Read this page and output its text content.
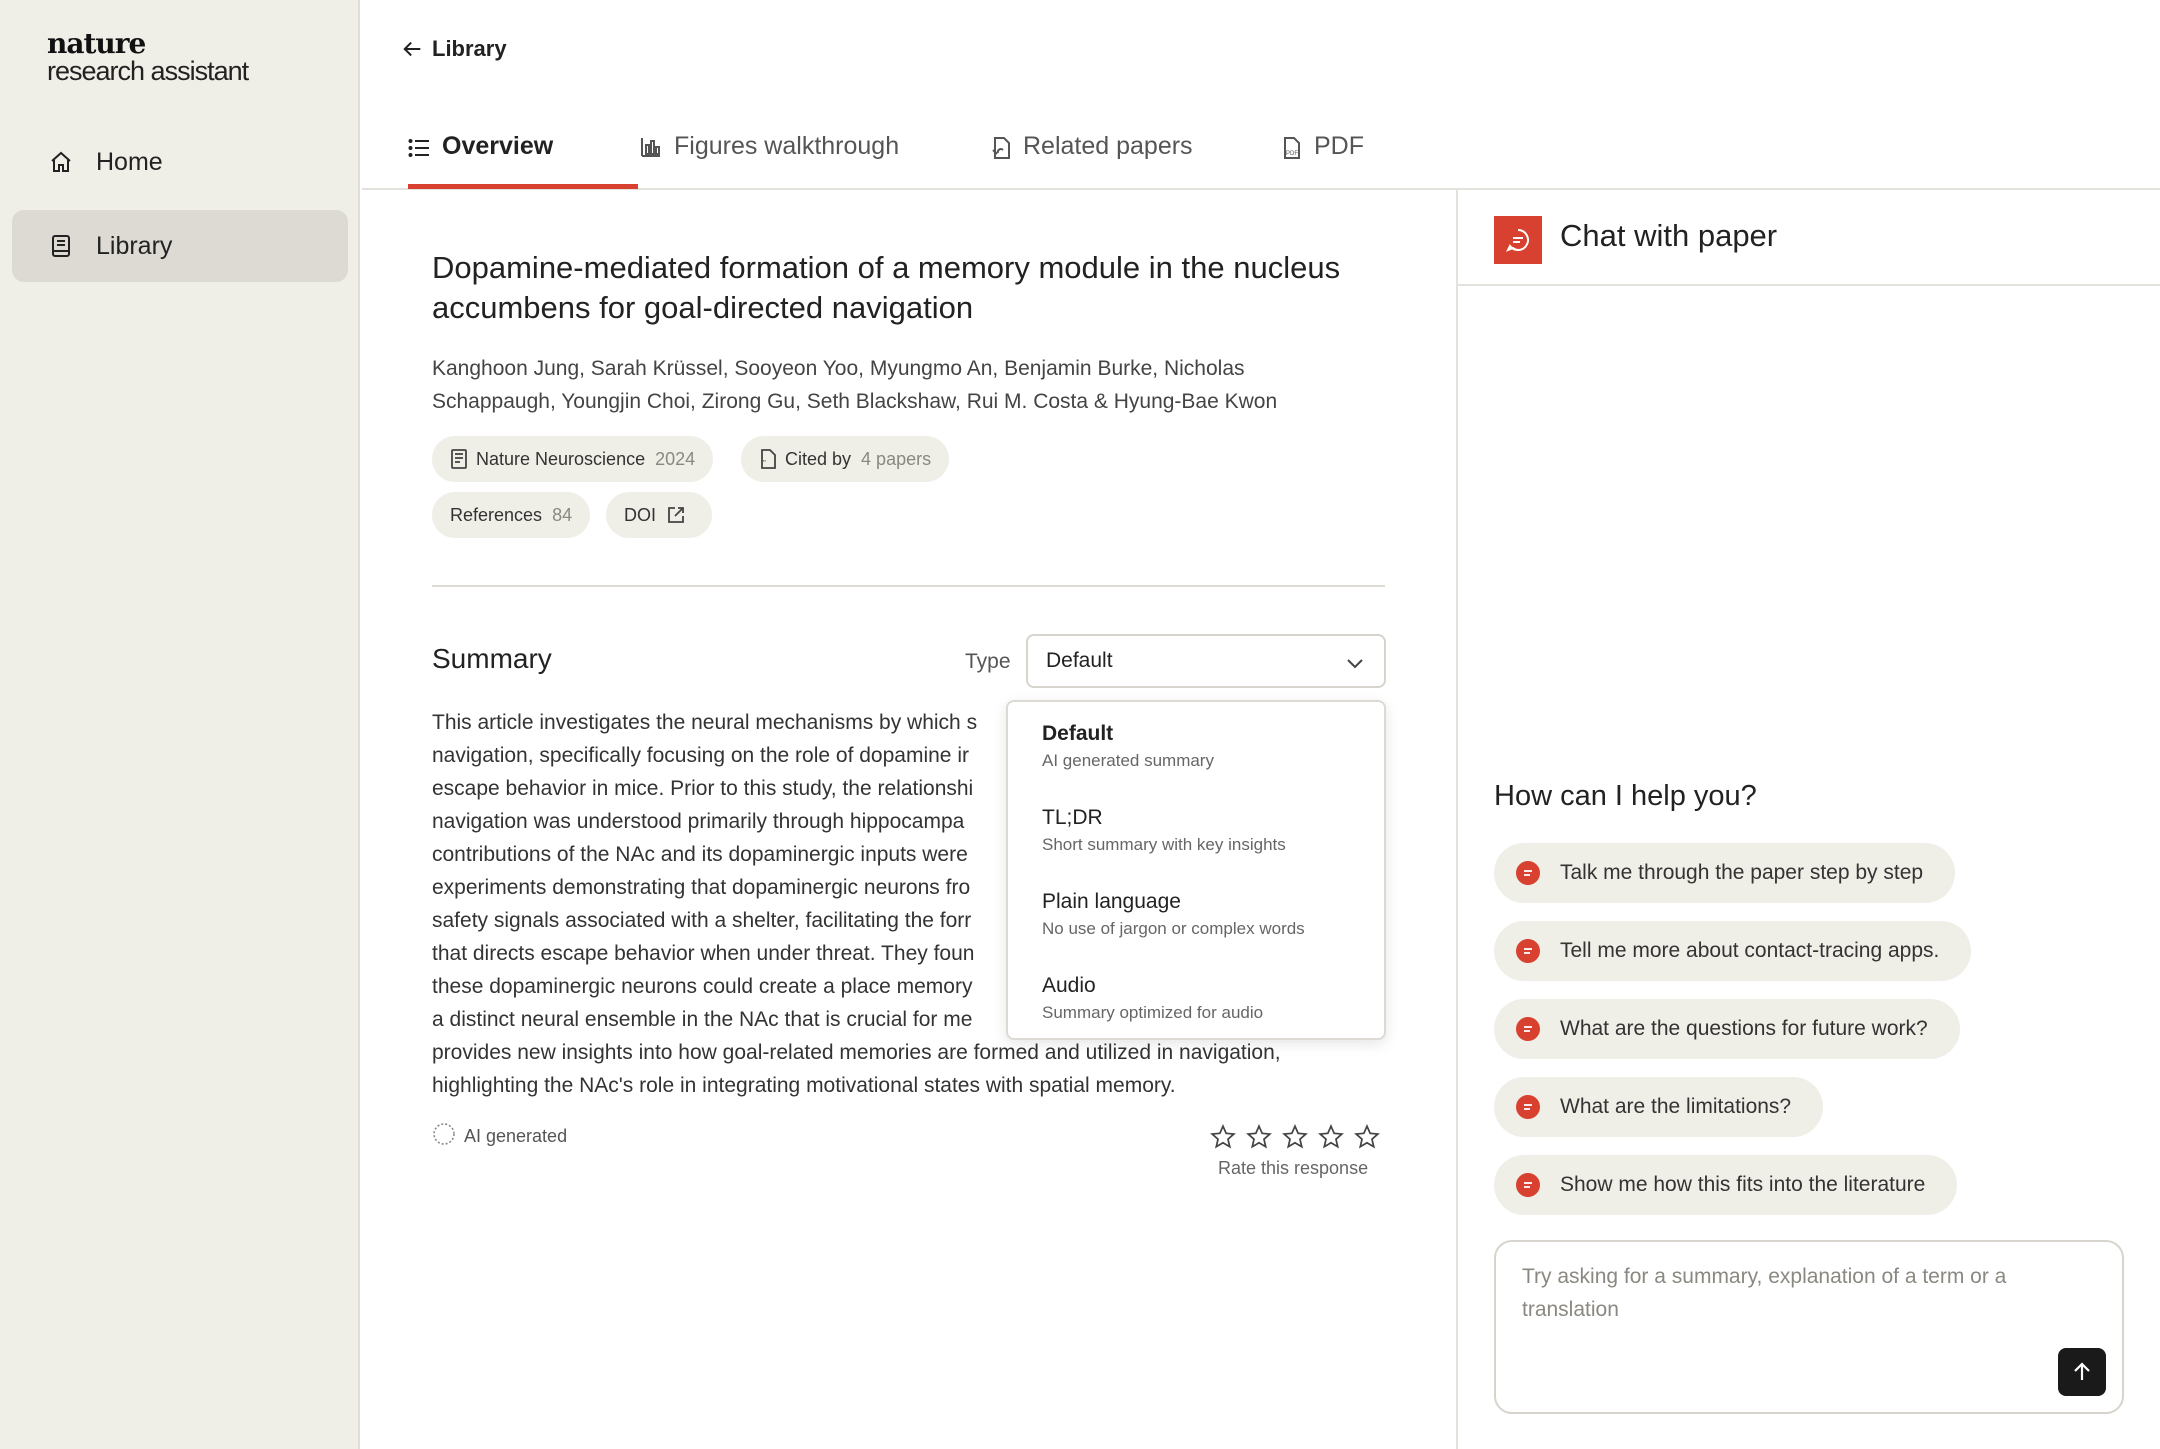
nature
research assistant
Home
Library
Library
Overview	Figures walkthrough	Related papers	PDF PDF
Dopamine-mediated formation of a memory module in the nucleus accumbens for goal-directed navigation
Kanghoon Jung, Sarah Krüssel, Sooyeon Yoo, Myungmo An, Benjamin Burke, Nicholas Schappaugh, Youngjin Choi, Zirong Gu, Seth Blackshaw, Rui M. Costa & Hyung-Bae Kwon
Nature Neuroscience 2024	" Cited by 4 papers
References 84	DOI
Summary	Type Default
This article investigates the neural mechanisms by which s
navigation, specifically focusing on the role of dopamine ir
escape behavior in mice. Prior to this study, the relationshi
navigation was understood primarily through hippocampa
contributions of the NAc and its dopaminergic inputs were
experiments demonstrating that dopaminergic neurons fro
safety signals associated with a shelter, facilitating the forr
that directs escape behavior when under threat. They foun
these dopaminergic neurons could create a place memory
a distinct neural ensemble in the NAc that is crucial for me
provides new insights into how goal-related memories are formed and utilized in navigation,
highlighting the NAc's role in integrating motivational states with spatial memory.
AI generated
Rate this response
Default
AI generated summary
TL;DR
Short summary with key insights
Plain language
No use of jargon or complex words
Audio
Summary optimized for audio
Chat with paper
How can I help you?
Talk me through the paper step by step
Tell me more about contact-tracing apps.
What are the questions for future work?
What are the limitations?
Show me how this fits into the literature
Try asking for a summary, explanation of a term or a translation
